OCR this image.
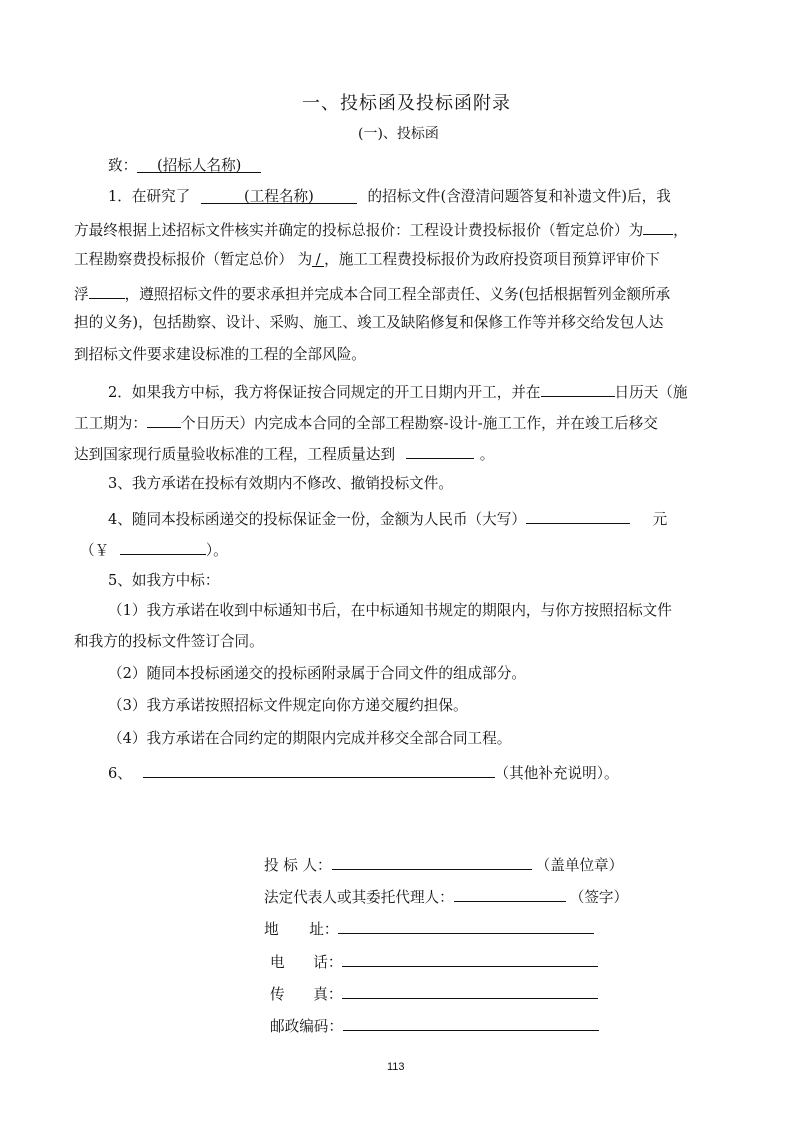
一、投标函及投标函附录
(一)、投标函
致： (招标人名称)
1．在研究了	(工程名称)	的招标文件(含澄清问题答复和补遗文件)后，我
方最终根据上述招标文件核实并确定的投标总报价：工程设计费投标报价（暂定总价）为 ，
工程勘察费投标报价（暂定总价） 为 / ，施工工程费投标报价为政府投资项目预算评审价下
浮 ，遵照招标文件的要求承担并完成本合同工程全部责任、义务(包括根据暂列金额所承
担的义务)，包括勘察、设计、采购、施工、竣工及缺陷修复和保修工作等并移交给发包人达
到招标文件要求建设标准的工程的全部风险。
2．如果我方中标，我方将保证按合同规定的开工日期内开工，并在	日历天（施
工工期为： 个日历天）内完成本合同的全部工程勘察-设计-施工工作，并在竣工后移交
达到国家现行质量验收标准的工程，工程质量达到	。
3、我方承诺在投标有效期内不修改、撤销投标文件。
4、随同本投标函递交的投标保证金一份，金额为人民币（大写）	元
（￥	）。
5、如我方中标：
（1）我方承诺在收到中标通知书后，在中标通知书规定的期限内，与你方按照招标文件
和我方的投标文件签订合同。
（2）随同本投标函递交的投标函附录属于合同文件的组成部分。
（3）我方承诺按照招标文件规定向你方递交履约担保。
（4）我方承诺在合同约定的期限内完成并移交全部合同工程。
6、	（其他补充说明）。
投 标 人：	（盖单位章）
法定代表人或其委托代理人：	（签字）
地 址：
电 话：
传 真：
邮政编码：
113
